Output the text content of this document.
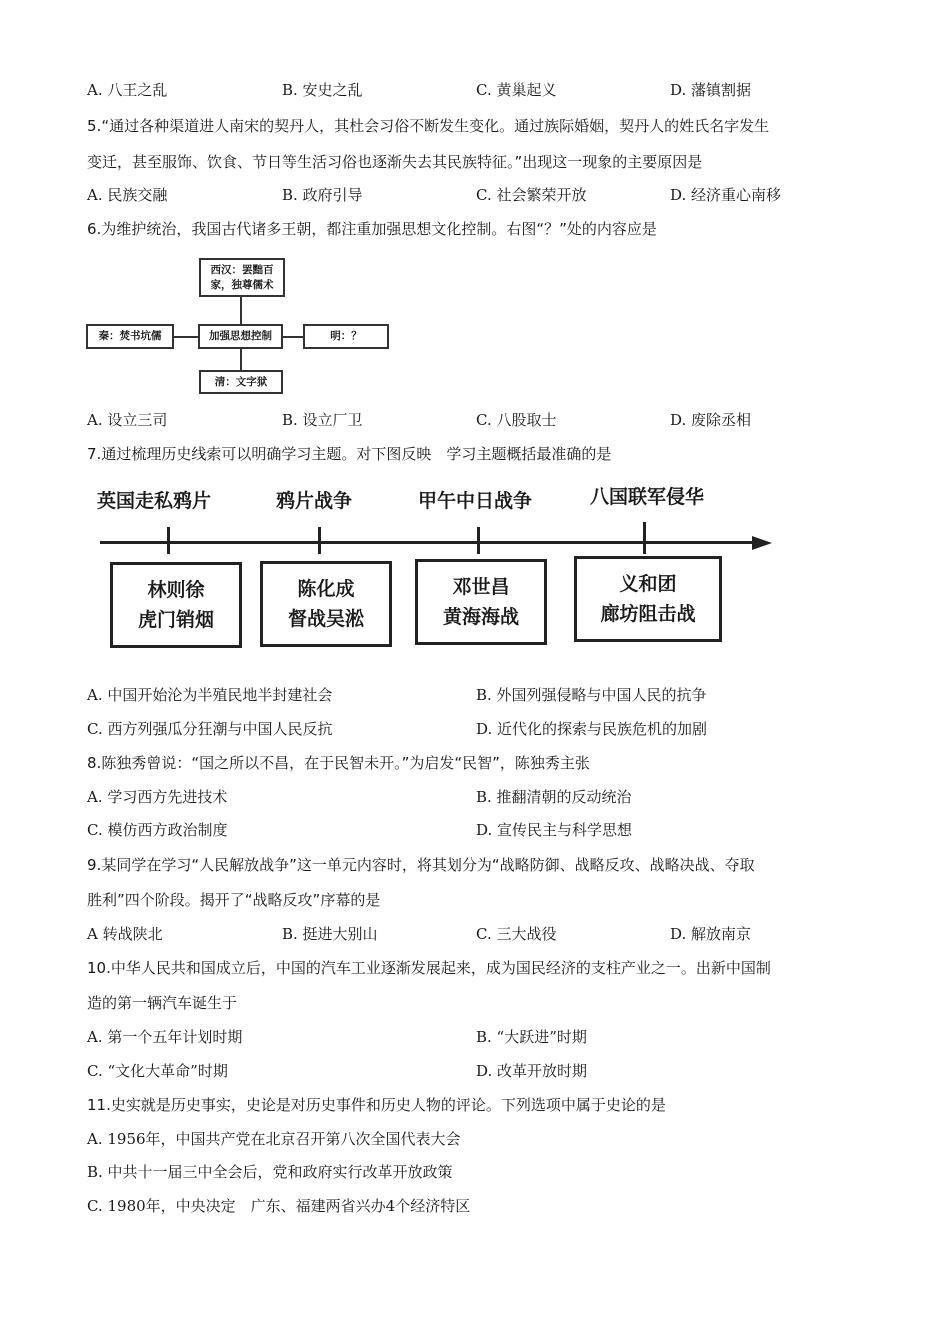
A. 八王之乱	B. 安史之乱	C. 黄巢起义	D. 藩镇割据
5.“通过各种渠道进人南宋的契丹人，其杜会习俗不断发生变化。通过族际婚姻，契丹人的姓氏名字发生
变迁，甚至服饰、饮食、节日等生活习俗也逐渐失去其民族特征。”出现这一现象的主要原因是
A. 民族交融	B. 政府引导	C. 社会繁荣开放	D. 经济重心南移
6.为维护统治，我国古代诸多王朝，都注重加强思想文化控制。右图“？”处的内容应是
西汉：罢黜百
家，独尊儒术
秦：焚书坑儒	加强思想控制	明：？
清：文字狱
A. 设立三司	B. 设立厂卫	C. 八股取士	D. 废除丞相
7.通过梳理历史线索可以明确学习主题。对下图反映　学习主题概括最准确的是
英国走私鸦片	鸦片战争	甲午中日战争	八国联军侵华
林则徐
虎门销烟
陈化成
督战吴淞
邓世昌
黄海海战
义和团
廊坊阻击战
A. 中国开始沦为半殖民地半封建社会	B. 外国列强侵略与中国人民的抗争
C. 西方列强瓜分狂潮与中国人民反抗	D. 近代化的探索与民族危机的加剧
8.陈独秀曾说：“国之所以不昌，在于民智未开。”为启发“民智”，陈独秀主张
A. 学习西方先进技术	B. 推翻清朝的反动统治
C. 模仿西方政治制度	D. 宣传民主与科学思想
9.某同学在学习“人民解放战争”这一单元内容时，将其划分为“战略防御、战略反攻、战略决战、夺取
胜利”四个阶段。揭开了“战略反攻”序幕的是
A 转战陕北	B. 挺进大别山	C. 三大战役	D. 解放南京
10.中华人民共和国成立后，中国的汽车工业逐渐发展起来，成为国民经济的支柱产业之一。出新中国制
造的第一辆汽车诞生于
A. 第一个五年计划时期	B. “大跃进”时期
C. “文化大革命”时期	D. 改革开放时期
11.史实就是历史事实，史论是对历史事件和历史人物的评论。下列选项中属于史论的是
A. 1956年，中国共产党在北京召开第八次全国代表大会
B. 中共十一届三中全会后，党和政府实行改革开放政策
C. 1980年，中央决定　广东、福建两省兴办4个经济特区
